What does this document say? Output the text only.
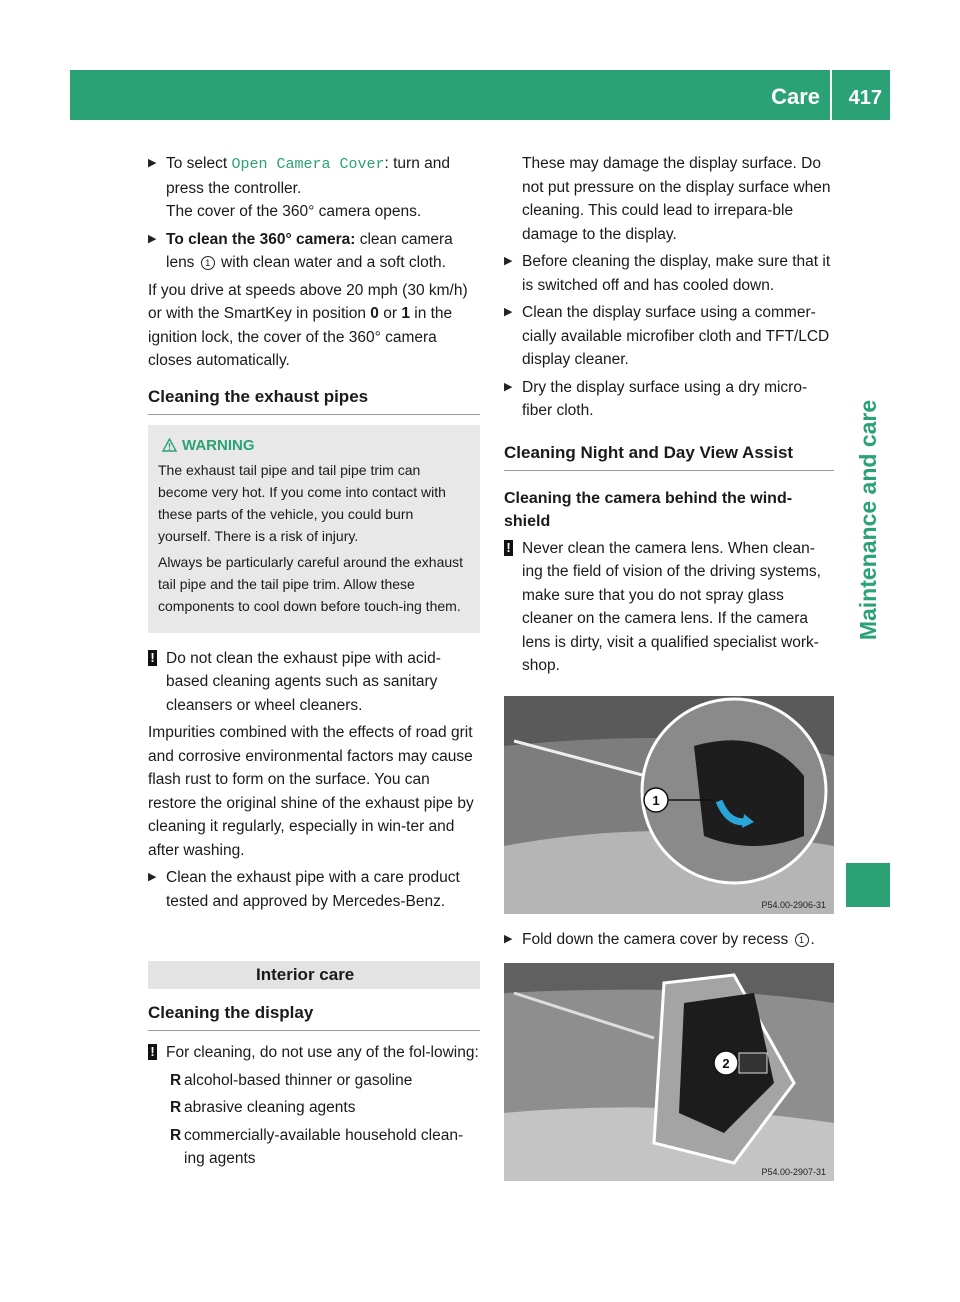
Care 417
Maintenance and care
▶ To select Open Camera Cover: turn and press the controller.
The cover of the 360° camera opens.
▶ To clean the 360° camera: clean camera lens 1 with clean water and a soft cloth.

If you drive at speeds above 20 mph (30 km/h) or with the SmartKey in position 0 or 1 in the ignition lock, the cover of the 360° camera closes automatically.

Cleaning the exhaust pipes
WARNING

The exhaust tail pipe and tail pipe trim can become very hot. If you come into contact with these parts of the vehicle, you could burn yourself. There is a risk of injury.

Always be particularly careful around the exhaust tail pipe and the tail pipe trim. Allow these components to cool down before touch-ing them.

! Do not clean the exhaust pipe with acid-based cleaning agents such as sanitary cleansers or wheel cleaners.

Impurities combined with the effects of road grit and corrosive environmental factors may cause flash rust to form on the surface. You can restore the original shine of the exhaust pipe by cleaning it regularly, especially in win-ter and after washing.

▶ Clean the exhaust pipe with a care product tested and approved by Mercedes-Benz.
Interior care
Cleaning the display
! For cleaning, do not use any of the fol-lowing:
R alcohol-based thinner or gasoline
R abrasive cleaning agents
R commercially-available household clean-ing agents

These may damage the display surface. Do not put pressure on the display surface when cleaning. This could lead to irrepara-ble damage to the display.

▶ Before cleaning the display, make sure that it is switched off and has cooled down.
▶ Clean the display surface using a commer-cially available microfiber cloth and TFT/LCD display cleaner.
▶ Dry the display surface using a dry micro-fiber cloth.
Cleaning Night and Day View Assist
Cleaning the camera behind the wind-shield
! Never clean the camera lens. When clean-ing the field of vision of the driving systems, make sure that you do not spray glass cleaner on the camera lens. If the camera lens is dirty, visit a qualified specialist work-shop.
1
P54.00-2906-31
▶ Fold down the camera cover by recess 1 .
2
P54.00-2907-31
